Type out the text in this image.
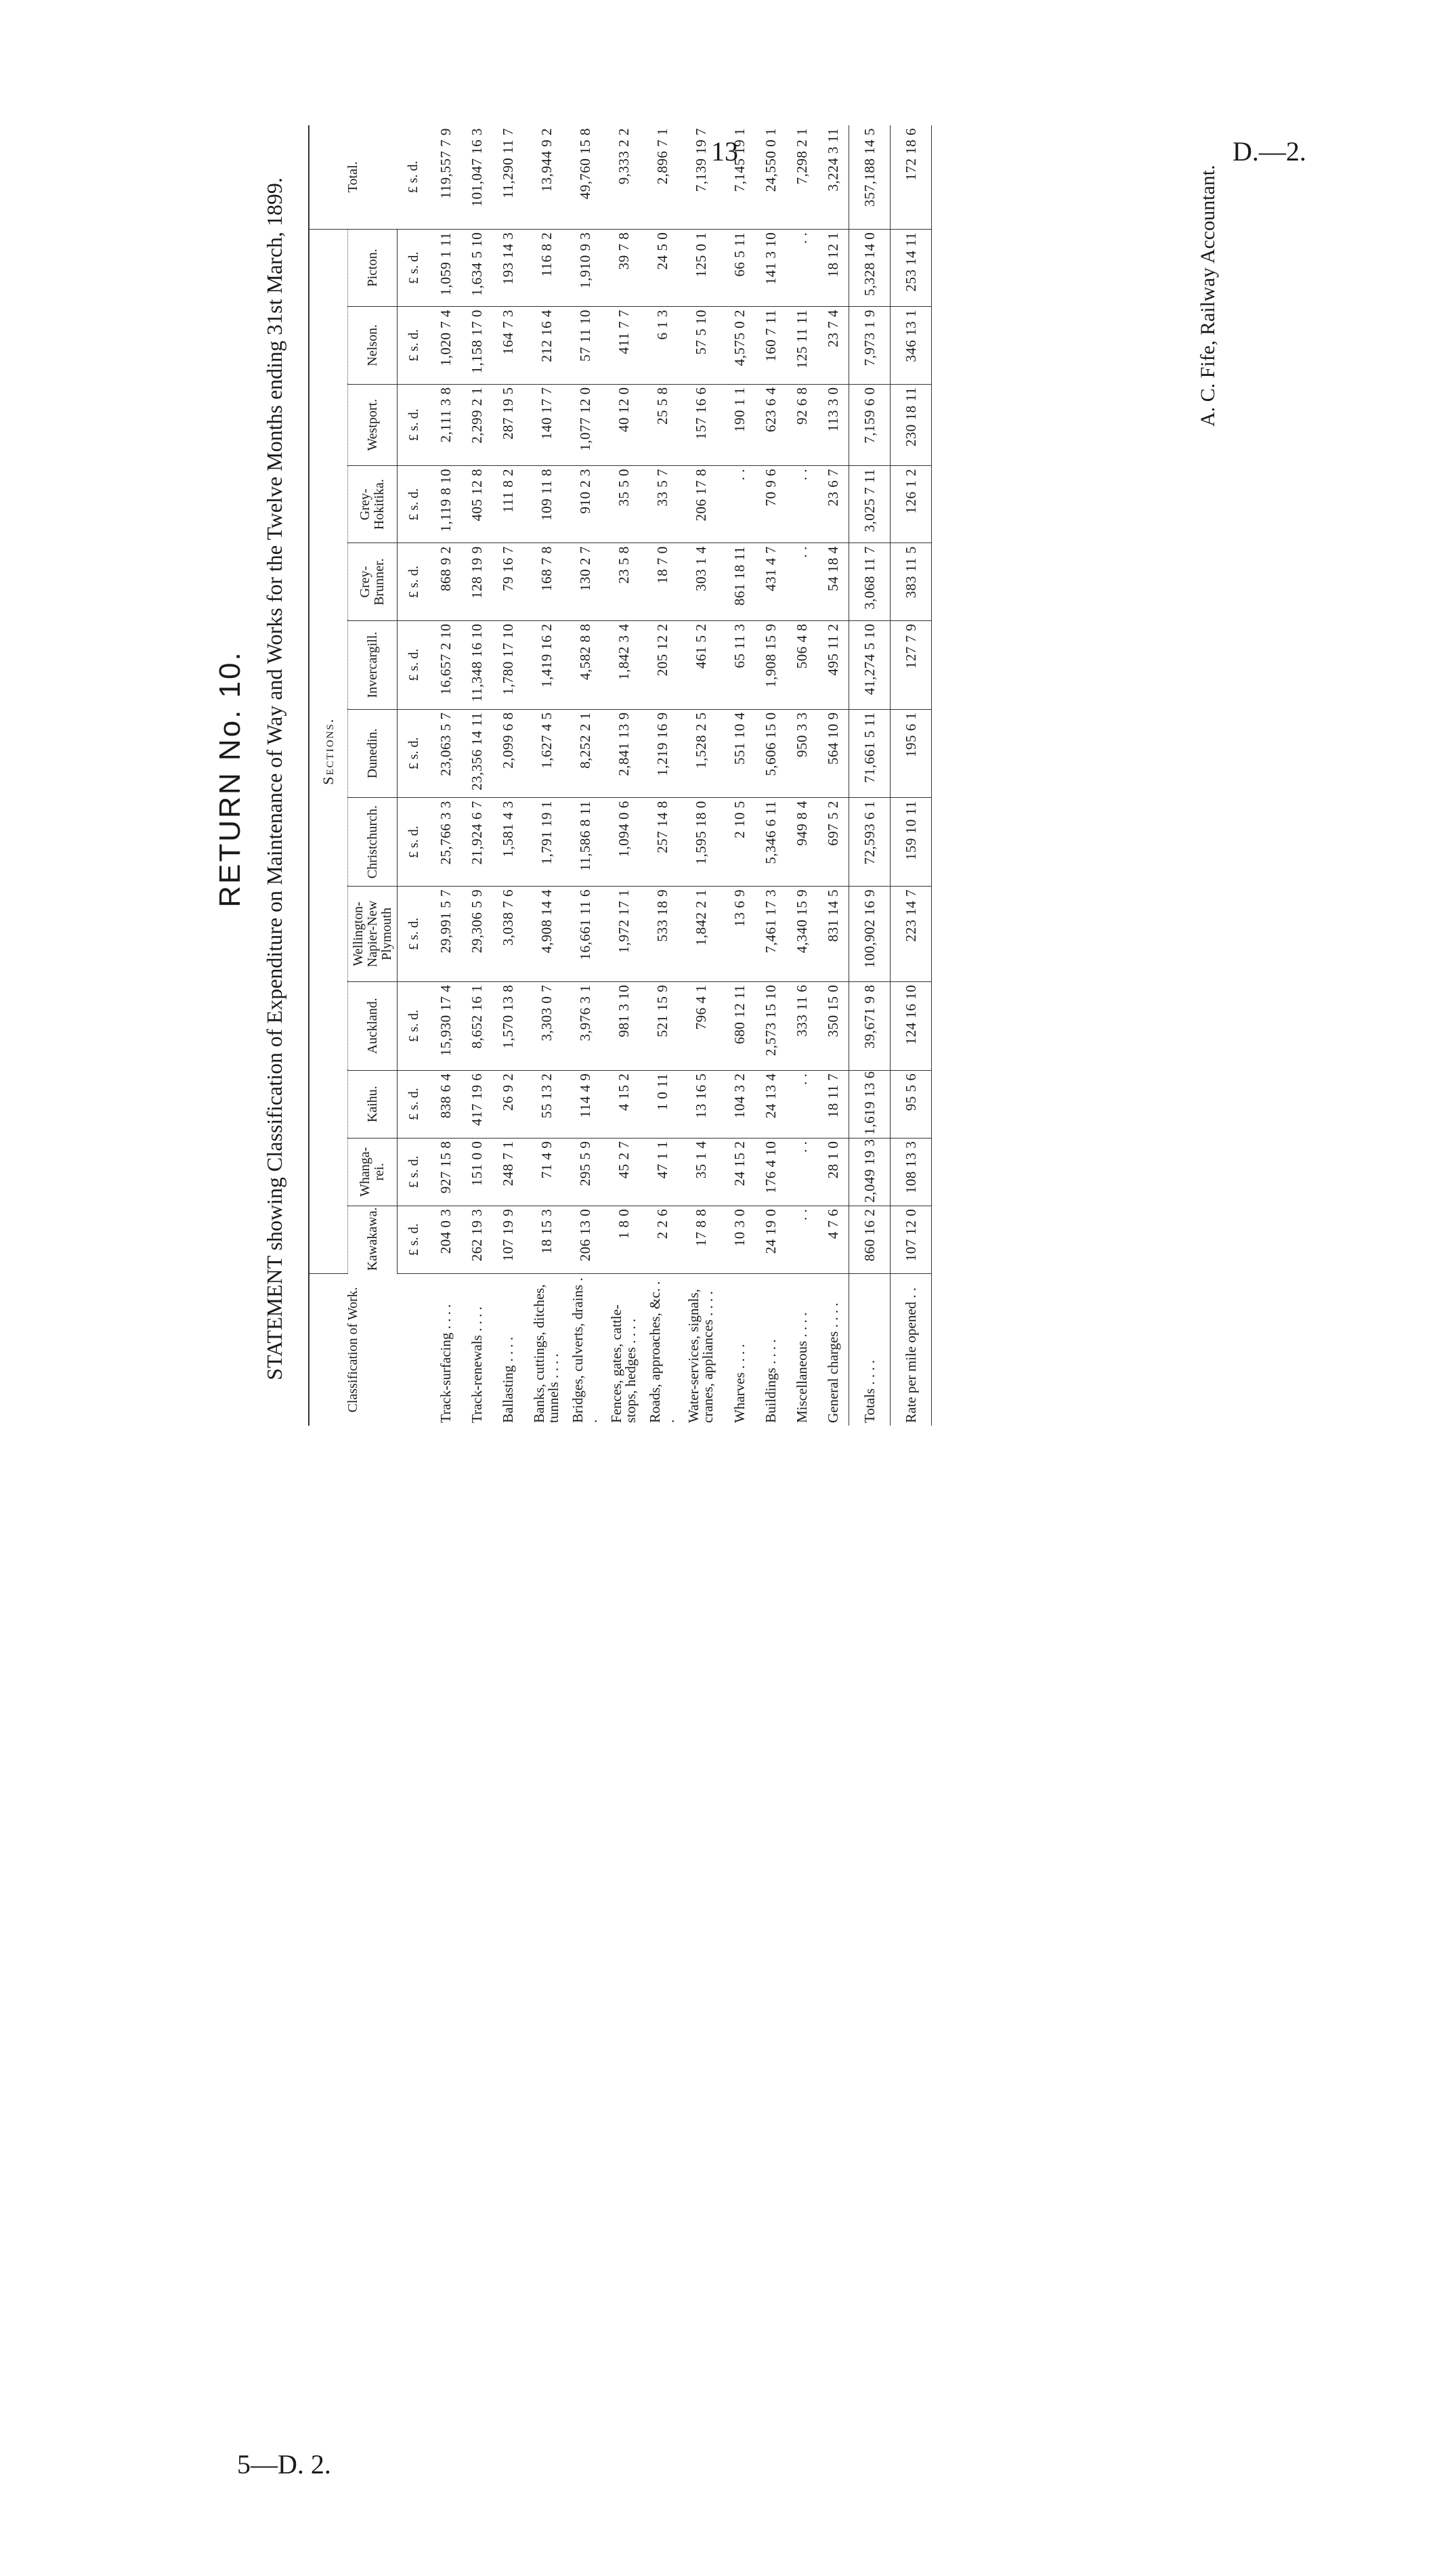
13	D.—2.
5—D. 2.
RETURN No. 10. STATEMENT showing Classification of Expenditure on Maintenance of Way and Works for the Twelve Months ending 31st March, 1899.	Classification of Work.	Sections.													Total.
	Kawakawa.	Whanga-rei.	Kaihu.	Auckland.	Wellington-Napier-New Plymouth	Christchurch.	Dunedin.	Invercargill.	Grey-Brunner.	Grey-Hokitika.	Westport.	Nelson.	Picton.	
	£ s. d.	£ s. d.	£ s. d.	£ s. d.	£ s. d.	£ s. d.	£ s. d.	£ s. d.	£ s. d.	£ s. d.	£ s. d.	£ s. d.	£ s. d.	£ s. d.
Track-surfacing . . . .	204 0 3	927 15 8	838 6 4	15,930 17 4	29,991 5 7	25,766 3 3	23,063 5 7	16,657 2 10	868 9 2	1,119 8 10	2,111 3 8	1,020 7 4	1,059 1 11	119,557 7 9
Track-renewals . . . .	262 19 3	151 0 0	417 19 6	8,652 16 1	29,306 5 9	21,924 6 7	23,356 14 11	11,348 16 10	128 19 9	405 12 8	2,299 2 1	1,158 17 0	1,634 5 10	101,047 16 3
Ballasting . . . .	107 19 9	248 7 1	26 9 2	1,570 13 8	3,038 7 6	1,581 4 3	2,099 6 8	1,780 17 10	79 16 7	111 8 2	287 19 5	164 7 3	193 14 3	11,290 11 7
Banks, cuttings, ditches, tunnels . . . .	18 15 3	71 4 9	55 13 2	3,303 0 7	4,908 14 4	1,791 19 1	1,627 4 5	1,419 16 2	168 7 8	109 11 8	140 17 7	212 16 4	116 8 2	13,944 9 2
Bridges, culverts, drains . .	206 13 0	295 5 9	114 4 9	3,976 3 1	16,661 11 6	11,586 8 11	8,252 2 1	4,582 8 8	130 2 7	910 2 3	1,077 12 0	57 11 10	1,910 9 3	49,760 15 8
Fences, gates, cattle-stops, hedges . . . .	1 8 0	45 2 7	4 15 2	981 3 10	1,972 17 1	1,094 0 6	2,841 13 9	1,842 3 4	23 5 8	35 5 0	40 12 0	411 7 7	39 7 8	9,333 2 2
Roads, approaches, &c. . .	2 2 6	47 1 1	1 0 11	521 15 9	533 18 9	257 14 8	1,219 16 9	205 12 2	18 7 0	33 5 7	25 5 8	6 1 3	24 5 0	2,896 7 1
Water-services, signals, cranes, appliances . . . .	17 8 8	35 1 4	13 16 5	796 4 1	1,842 2 1	1,595 18 0	1,528 2 5	461 5 2	303 1 4	206 17 8	157 16 6	57 5 10	125 0 1	7,139 19 7
Wharves . . . .	10 3 0	24 15 2	104 3 2	680 12 11	13 6 9	2 10 5	551 10 4	65 11 3	861 18 11	. .	190 1 1	4,575 0 2	66 5 11	7,145 19 1
Buildings . . . .	24 19 0	176 4 10	24 13 4	2,573 15 10	7,461 17 3	5,346 6 11	5,606 15 0	1,908 15 9	431 4 7	70 9 6	623 6 4	160 7 11	141 3 10	24,550 0 1
Miscellaneous . . . .	. .	. .	. .	333 11 6	4,340 15 9	949 8 4	950 3 3	506 4 8	. .	. .	92 6 8	125 11 11	. .	7,298 2 1
General charges . . . .	4 7 6	28 1 0	18 11 7	350 15 0	831 14 5	697 5 2	564 10 9	495 11 2	54 18 4	23 6 7	113 3 0	23 7 4	18 12 1	3,224 3 11
Totals . . . .	860 16 2	2,049 19 3	1,619 13 6	39,671 9 8	100,902 16 9	72,593 6 1	71,661 5 11	41,274 5 10	3,068 11 7	3,025 7 11	7,159 6 0	7,973 1 9	5,328 14 0	357,188 14 5
Rate per mile opened . .	107 12 0	108 13 3	95 5 6	124 16 10	223 14 7	159 10 11	195 6 1	127 7 9	383 11 5	126 1 2	230 18 11	346 13 1	253 14 11	172 18 6
A. C. Fife, Railway Accountant.
